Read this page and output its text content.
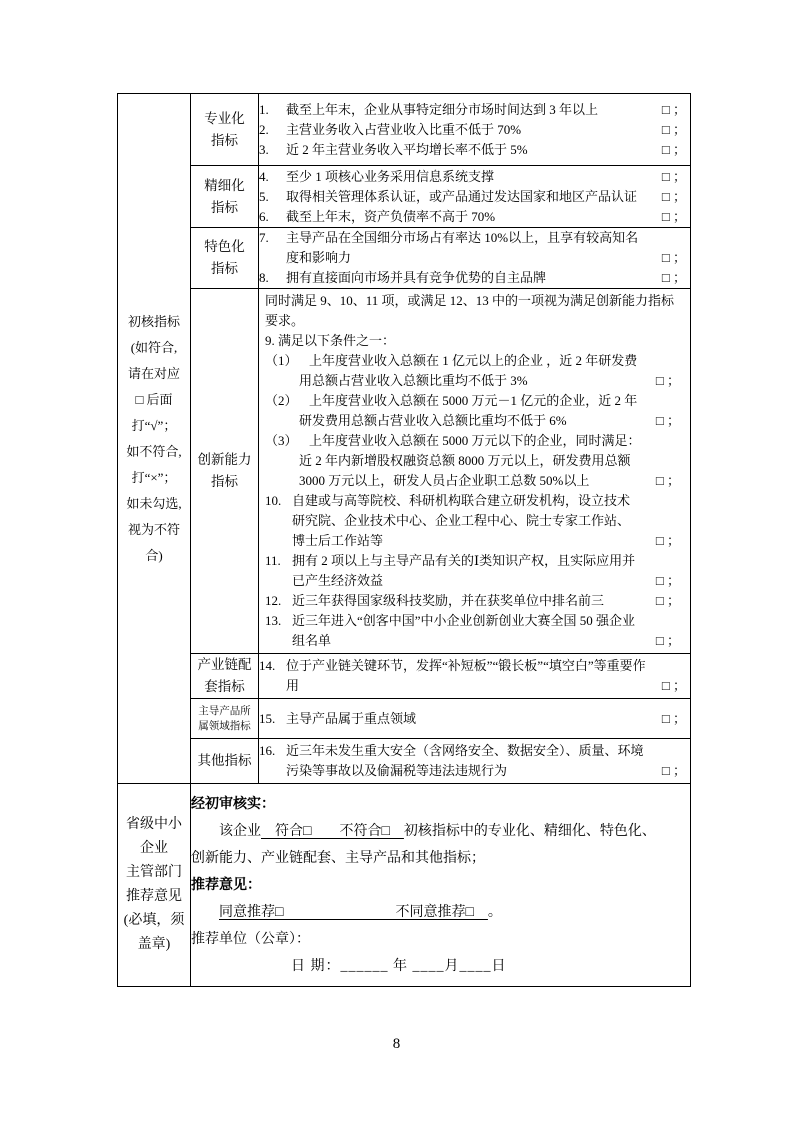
初核指标
(如符合,
请在对应
□ 后面
打“√”；
如不符合,
打“×”；
如未勾选,
视为不符
合)

专业化
指标

1. 截至上年末，企业从事特定细分市场时间达到 3 年以上	□ ；
2. 主营业务收入占营业收入比重不低于 70%	□ ；
3. 近 2 年主营业务收入平均增长率不低于 5%	□ ；

精细化
指标

4. 至少 1 项核心业务采用信息系统支撑	□ ；
5. 取得相关管理体系认证，或产品通过发达国家和地区产品认证 □ ；
6. 截至上年末，资产负债率不高于 70%	□ ；

特色化
指标

7. 主导产品在全国细分市场占有率达 10%以上，且享有较高知名度和影响力	□ ；
8. 拥有直接面向市场并具有竞争优势的自主品牌	□ ；

创新能力
指标

同时满足 9、10、11 项，或满足 12、13 中的一项视为满足创新能力指标要求。
9. 满足以下条件之一：
（1） 上年度营业收入总额在 1 亿元以上的企业 ，近 2 年研发费用总额占营业收入总额比重均不低于 3%	□ ；
（2） 上年度营业收入总额在 5000 万元－1 亿元的企业，近 2 年研发费用总额占营业收入总额比重均不低于 6%	□ ；
（3） 上年度营业收入总额在 5000 万元以下的企业，同时满足：近 2 年内新增股权融资总额 8000 万元以上，研发费用总额 3000 万元以上，研发人员占企业职工总数 50%以上	□ ；
10. 自建或与高等院校、科研机构联合建立研发机构，设立技术研究院、企业技术中心、企业工程中心、院士专家工作站、博士后工作站等	□ ；
11. 拥有 2 项以上与主导产品有关的Ⅰ类知识产权，且实际应用并已产生经济效益	□ ；
12. 近三年获得国家级科技奖励，并在获奖单位中排名前三	□ ；
13. 近三年进入“创客中国”中小企业创新创业大赛全国 50 强企业组名单	□ ；

产业链配
套指标

14. 位于产业链关键环节，发挥“补短板”“锻长板”“填空白”等重要作用	□ ；

主导产品所
属领域指标

15. 主导产品属于重点领域	□ ；

	其他指标	16. 近三年未发生重大安全（含网络安全、数据安全）、质量、环境污染等事故以及偷漏税等违法违规行为 □ ；

省级中小
企业
主管部门
推荐意见
(必填，须
盖章)

经初审核实：
该企业　符合□　　不符合□　初核指标中的专业化、精细化、特色化、
创新能力、产业链配套、主导产品和其他指标；
推荐意见：
同意推荐□　　　　　　　　不同意推荐□　。
推荐单位（公章）：
日 期：______ 年 ____月____日
8
